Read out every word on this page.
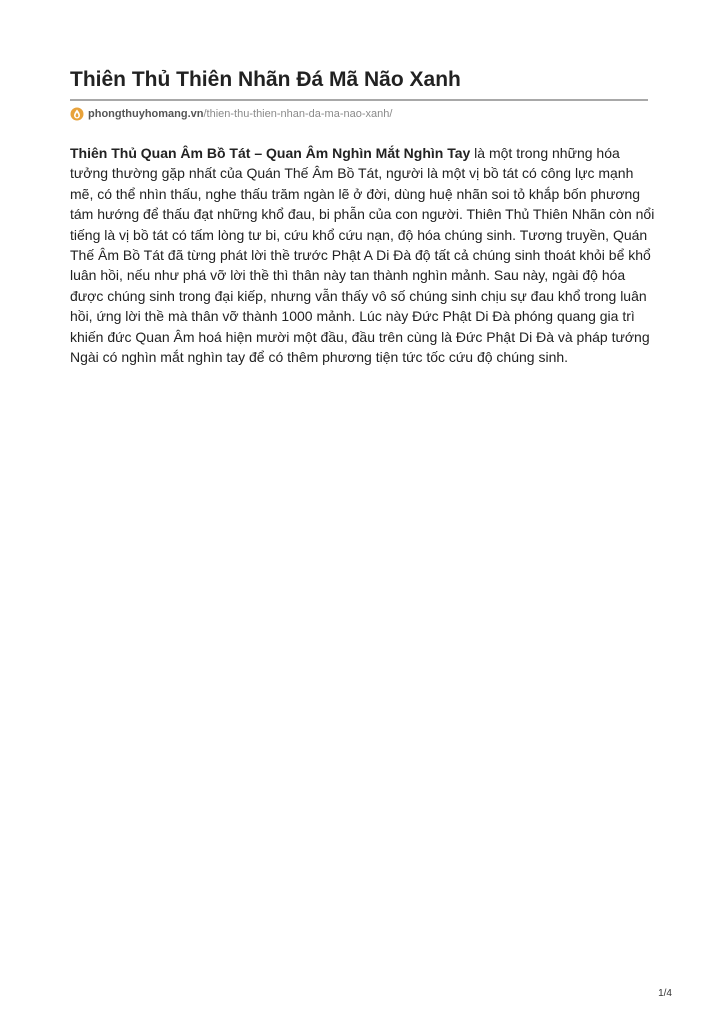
Thiên Thủ Thiên Nhãn Đá Mã Não Xanh
phongthuyhomang.vn /thien-thu-thien-nhan-da-ma-nao-xanh/

Thiên Thủ Quan Âm Bồ Tát – Quan Âm Nghìn Mắt Nghìn Tay là một trong những hóa tưởng thường gặp nhất của Quán Thế Âm Bồ Tát, người là một vị bồ tát có công lực mạnh mẽ, có thể nhìn thấu, nghe thấu trăm ngàn lẽ ở đời, dùng huệ nhãn soi tỏ khắp bốn phương tám hướng để thấu đạt những khổ đau, bi phẫn của con người. Thiên Thủ Thiên Nhãn còn nổi tiếng là vị bồ tát có tấm lòng tư bi, cứu khổ cứu nạn, độ hóa chúng sinh. Tương truyền, Quán Thế Âm Bồ Tát đã từng phát lời thề trước Phật A Di Đà độ tất cả chúng sinh thoát khỏi bể khổ luân hồi, nếu như phá vỡ lời thề thì thân này tan thành nghìn mảnh. Sau này, ngài độ hóa được chúng sinh trong đại kiếp, nhưng vẫn thấy vô số chúng sinh chịu sự đau khổ trong luân hồi, ứng lời thề mà thân vỡ thành 1000 mảnh. Lúc này Đức Phật Di Đà phóng quang gia trì khiến đức Quan Âm hoá hiện mười một đầu, đầu trên cùng là Đức Phật Di Đà và pháp tướng Ngài có nghìn mắt nghìn tay để có thêm phương tiện tức tốc cứu độ chúng sinh.

1/4
